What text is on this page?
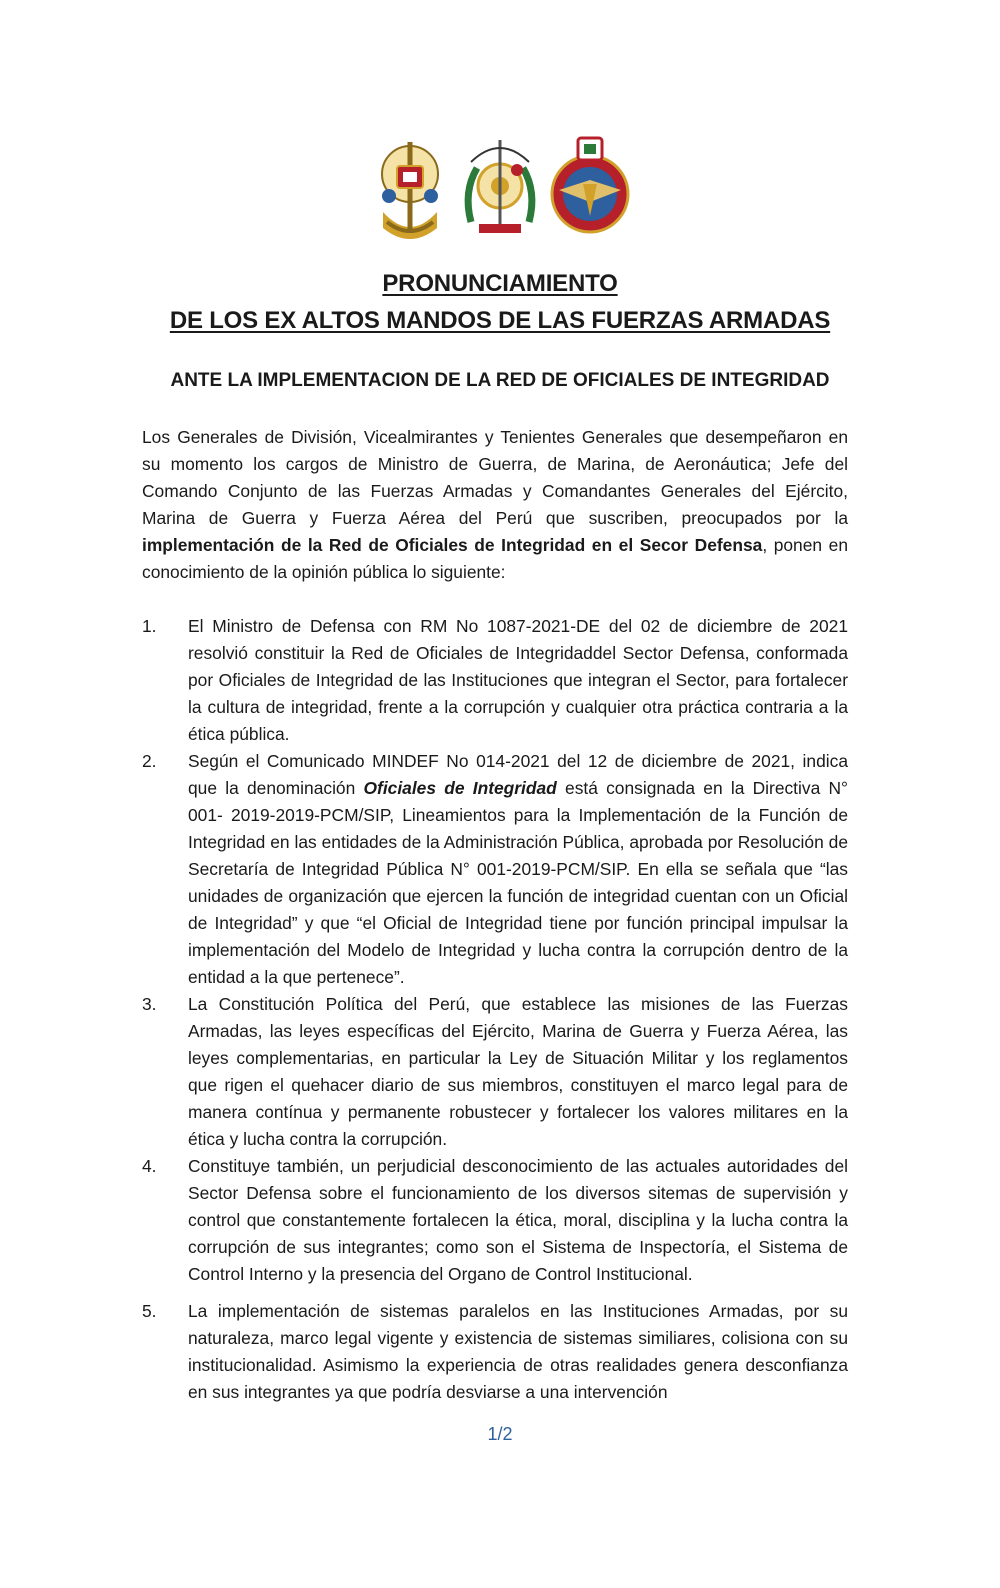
PRONUNCIAMIENTO
DE LOS EX ALTOS MANDOS DE LAS FUERZAS ARMADAS
ANTE LA IMPLEMENTACION DE LA RED DE OFICIALES DE INTEGRIDAD

Los Generales de División, Vicealmirantes y Tenientes Generales que desempeñaron en su momento los cargos de Ministro de Guerra, de Marina, de Aeronáutica; Jefe del Comando Conjunto de las Fuerzas Armadas y Comandantes Generales del Ejército, Marina de Guerra y Fuerza Aérea del Perú que suscriben, preocupados por la implementación de la Red de Oficiales de Integridad en el Secor Defensa, ponen en conocimiento de la opinión pública lo siguiente:

1.	El Ministro de Defensa con RM No 1087-2021-DE del 02 de diciembre de 2021 resolvió constituir la Red de Oficiales de Integridaddel Sector Defensa, conformada por Oficiales de Integridad de las Instituciones que integran el Sector, para fortalecer la cultura de integridad, frente a la corrupción y cualquier otra práctica contraria a la ética pública.
2.	Según el Comunicado MINDEF No 014-2021 del 12 de diciembre de 2021, indica que la denominación Oficiales de Integridad está consignada en la Directiva N° 001- 2019-2019-PCM/SIP, Lineamientos para la Implementación de la Función de Integridad en las entidades de la Administración Pública, aprobada por Resolución de Secretaría de Integridad Pública N° 001-2019-PCM/SIP. En ella se señala que “las unidades de organización que ejercen la función de integridad cuentan con un Oficial de Integridad” y que “el Oficial de Integridad tiene por función principal impulsar la implementación del Modelo de Integridad y lucha contra la corrupción dentro de la entidad a la que pertenece”.
3.	La Constitución Política del Perú, que establece las misiones de las Fuerzas Armadas, las leyes específicas del Ejército, Marina de Guerra y Fuerza Aérea, las leyes complementarias, en particular la Ley de Situación Militar y los reglamentos que rigen el quehacer diario de sus miembros, constituyen el marco legal para de manera contínua y permanente robustecer y fortalecer los valores militares en la ética y lucha contra la corrupción.
4.	Constituye también, un perjudicial desconocimiento de las actuales autoridades del Sector Defensa sobre el funcionamiento de los diversos sitemas de supervisión y control que constantemente fortalecen la ética, moral, disciplina y la lucha contra la corrupción de sus integrantes; como son el Sistema de Inspectoría, el Sistema de Control Interno y la presencia del Organo de Control Institucional.
5.	La implementación de sistemas paralelos en las Instituciones Armadas, por su naturaleza, marco legal vigente y existencia de sistemas similiares, colisiona con su institucionalidad. Asimismo la experiencia de otras realidades genera desconfianza en sus integrantes ya que podría desviarse a una intervención
1/2
